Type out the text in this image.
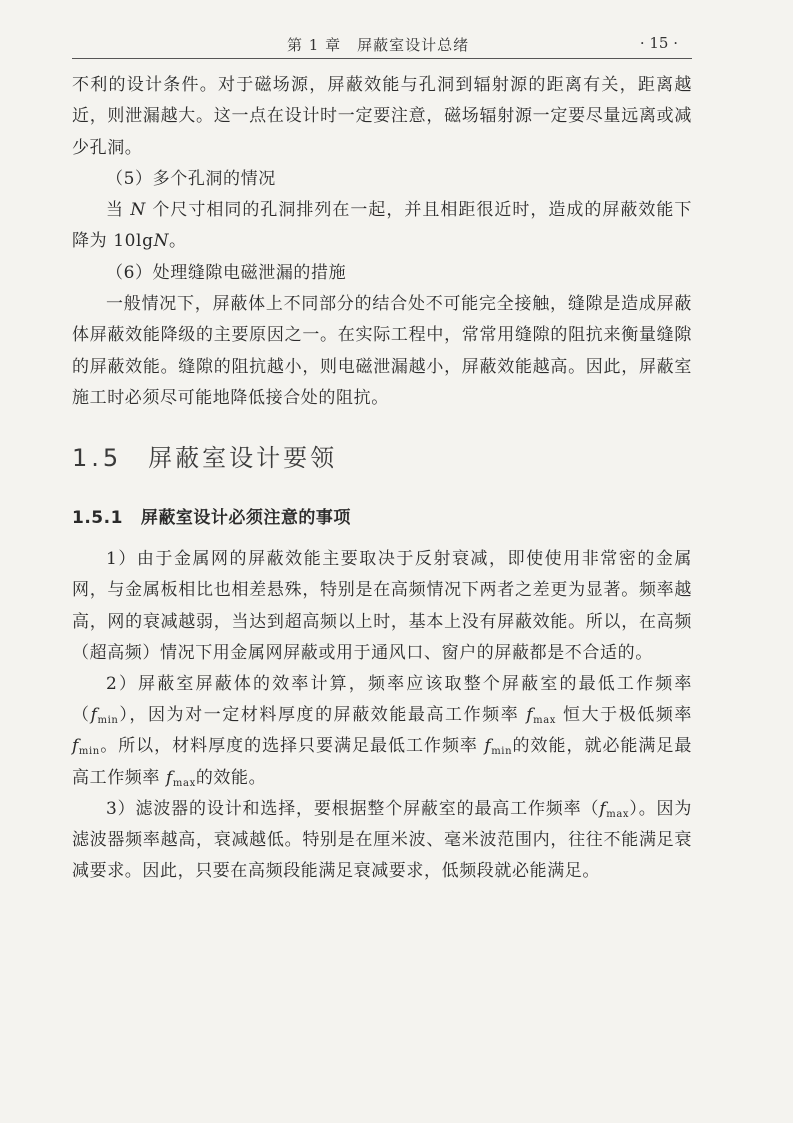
第 1 章　屏蔽室设计总绪	· 15 ·

不利的设计条件。对于磁场源，屏蔽效能与孔洞到辐射源的距离有关，距离越近，则泄漏越大。这一点在设计时一定要注意，磁场辐射源一定要尽量远离或减少孔洞。

（5）多个孔洞的情况

当 N 个尺寸相同的孔洞排列在一起，并且相距很近时，造成的屏蔽效能下降为 10lgN。

（6）处理缝隙电磁泄漏的措施

一般情况下，屏蔽体上不同部分的结合处不可能完全接触，缝隙是造成屏蔽体屏蔽效能降级的主要原因之一。在实际工程中，常常用缝隙的阻抗来衡量缝隙的屏蔽效能。缝隙的阻抗越小，则电磁泄漏越小，屏蔽效能越高。因此，屏蔽室施工时必须尽可能地降低接合处的阻抗。

1.5 屏蔽室设计要领
1.5.1 屏蔽室设计必须注意的事项

1）由于金属网的屏蔽效能主要取决于反射衰减，即使使用非常密的金属网，与金属板相比也相差悬殊，特别是在高频情况下两者之差更为显著。频率越高，网的衰减越弱，当达到超高频以上时，基本上没有屏蔽效能。所以，在高频（超高频）情况下用金属网屏蔽或用于通风口、窗户的屏蔽都是不合适的。

2）屏蔽室屏蔽体的效率计算，频率应该取整个屏蔽室的最低工作频率$(f_{min})$，因为对一定材料厚度的屏蔽效能最高工作频率 $f_{max}$ 恒大于极低频率 $f_{min}$。所以，材料厚度的选择只要满足最低工作频率 $f_{min}$的效能，就必能满足最高工作频率 $f_{max}$的效能。

3）滤波器的设计和选择，要根据整个屏蔽室的最高工作频率$(f_{max})$。因为滤波器频率越高，衰减越低。特别是在厘米波、毫米波范围内，往往不能满足衰减要求。因此，只要在高频段能满足衰减要求，低频段就必能满足。
